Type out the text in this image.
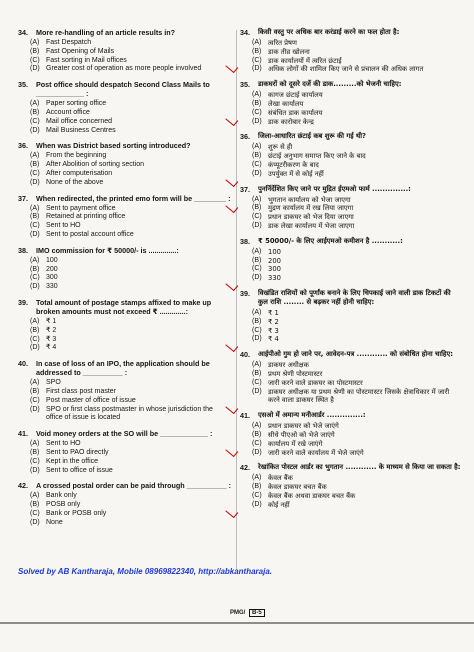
34.	More re-handling of an article results in?
(A) Fast Despatch
(B) Fast Opening of Mails
(C) Fast sorting in Mail offices
(D) Greater cost of operation as more people involved
35.	Post office should despatch Second Class Mails to ____________ :
(A) Paper sorting office
(B) Account office
(C) Mail office concerned
(D) Mail Business Centres
36.	When was District based sorting introduced?
(A) From the beginning
(B) After Abolition of sorting section
(C) After computerisation
(D) None of the above
37.	When redirected, the printed emo form will be ________ :
(A) Sent to payment office
(B) Retained at printing office
(C) Sent to HO
(D) Sent to postal account office
38.	IMO commission for ₹ 50000/- is ..............:
(A) 100
(B) 200
(C) 300
(D) 330
39.	Total amount of postage stamps affixed to make up broken amounts must not exceed ₹ .............:
(A) ₹ 1
(B) ₹ 2
(C) ₹ 3
(D) ₹ 4
40.	In case of loss of an IPO, the application should be addressed to __________ :
(A) SPO
(B) First class post master
(C) Post master of office of issue
(D) SPO or first class postmaster in whose jurisdiction the office of issue is located
41.	Void money orders at the SO will be ____________ :
(A) Sent to HO
(B) Sent to PAO directly
(C) Kept in the office
(D) Sent to office of issue
42.	A crossed postal order can be paid through __________ :
(A) Bank only
(B) POSB only
(C) Bank or POSB only
(D) None
34.	किसी वस्तु पर अधिक बार करंडाई करने का फल होता है:
(A) त्वरित प्रेषण
(B) डाक तीव्र खोलना
(C) डाक कार्यालयों में त्वरित छंटाई
(D) अधिक लोगों की शामिल किए जाने से प्रचालन की अधिक लागत
35.	डाकघरों को दूसरे दर्जे की डाक.........को भेजनी चाहिए:
(A) कागज छंटाई कार्यालय
(B) लेखा कार्यालय
(C) संबंधित डाक कार्यालय
(D) डाक कारोबार केन्द्र
36.	जिला-आधारित छंटाई कब शुरू की गई थी?
(A) शुरू से ही
(B) छंटाई अनुभाग समाप्त किए जाने के बाद
(C) कंप्यूटरीकरण के बाद
(D) उपर्युक्त में से कोई नहीं
37.	पुनर्निर्देशित किए जाने पर मुद्रित ईएमओ फार्म ..............:
(A) भुगतान कार्यालय को भेजा जाएगा
(B) मुद्रण कार्यालय में रख लिया जाएगा
(C) प्रधान डाकघर को भेज दिया जाएगा
(D) डाक लेखा कार्यालय में भेजा जाएगा
38.	₹ 50000/- के लिए आईएमओ कमीशन है ...........:
(A) 100
(B) 200
(C) 300
(D) 330
39.	विखंडित राशियों को पूर्णांक बनाने के लिए चिपकाई जाने वाली डाक टिकटों की कुल राशि ........ से बढ़कर नहीं होनी चाहिए:
(A) ₹ 1
(B) ₹ 2
(C) ₹ 3
(D) ₹ 4
40.	आईपीओ गुम हो जाने पर, आवेदन-पत्र ............ को संबोधित होना चाहिए:
(A) डाकघर अधीक्षक
(B) प्रथम श्रेणी पोस्टमास्टर
(C) जारी करने वाले डाकघर का पोस्टमास्टर
(D) डाकघर अधीक्षक या प्रथम श्रेणी का पोस्टमास्टर जिसके क्षेत्राधिकार में जारी करने वाला डाकघर स्थित है
41.	एसओ में अमान्य मनीआर्डर ..............:
(A) प्रधान डाकघर को भेजे जाएंगे
(B) सीधे पीएओ को भेजे जाएंगे
(C) कार्यालय में रखे जाएंगे
(D) जारी करने वाले कार्यालय में भेजे जाएंगे
42.	रेखांकित पोस्टल आर्डर का भुगतान ............ के माध्यम से किया जा सकता है:
(A) केवल बैंक
(B) केवल डाकघर बचत बैंक
(C) केवल बैंक अथवा डाकघर बचत बैंक
(D) कोई नहीं
Solved by AB Kantharaja, Mobile 08969822340, http://abkantharaja.
PMG/ B-5
